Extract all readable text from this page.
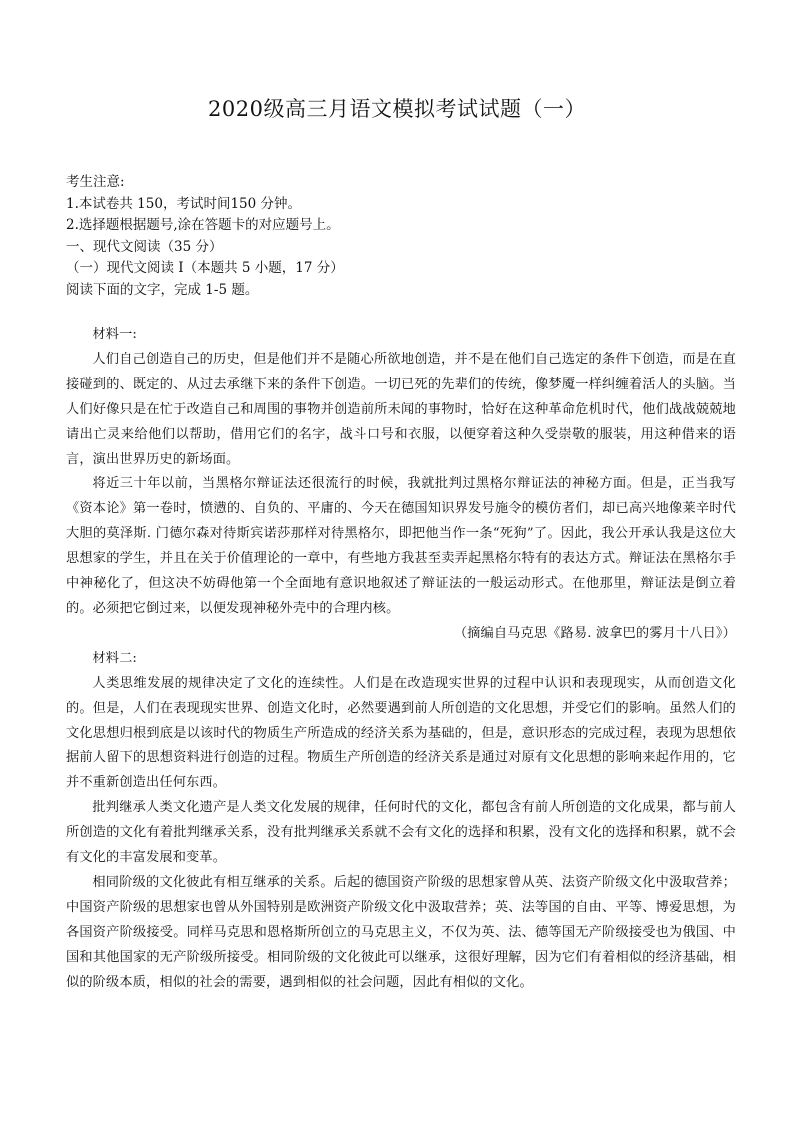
2020级高三月语文模拟考试试题（一）
考生注意:
1.本试卷共 150，考试时间150 分钟。
2.选择题根据题号,涂在答题卡的对应题号上。
一、现代文阅读（35 分）
（一）现代文阅读 I（本题共 5 小题，17 分）
阅读下面的文字，完成 1-5 题。

材料一:

人们自己创造自己的历史，但是他们并不是随心所欲地创造，并不是在他们自己选定的条件下创造，而是在直接碰到的、既定的、从过去承继下来的条件下创造。一切已死的先辈们的传统，像梦魇一样纠缠着活人的头脑。当人们好像只是在忙于改造自己和周围的事物并创造前所未闻的事物时，恰好在这种革命危机时代，他们战战兢兢地请出亡灵来给他们以帮助，借用它们的名字，战斗口号和衣服，以便穿着这种久受崇敬的服装，用这种借来的语言，演出世界历史的新场面。

将近三十年以前，当黑格尔辩证法还很流行的时候，我就批判过黑格尔辩证法的神秘方面。但是，正当我写《资本论》第一卷时，愤懑的、自负的、平庸的、今天在德国知识界发号施令的模仿者们，却已高兴地像莱辛时代大胆的莫泽斯. 门德尔森对待斯宾诺莎那样对待黑格尔，即把他当作一条“死狗”了。因此，我公开承认我是这位大思想家的学生，并且在关于价值理论的一章中，有些地方我甚至卖弄起黑格尔特有的表达方式。辩证法在黑格尔手中神秘化了，但这决不妨碍他第一个全面地有意识地叙述了辩证法的一般运动形式。在他那里，辩证法是倒立着的。必须把它倒过来，以便发现神秘外壳中的合理内核。

（摘编自马克思《路易. 波拿巴的雾月十八日》）

材料二:

人类思维发展的规律决定了文化的连续性。人们是在改造现实世界的过程中认识和表现现实，从而创造文化的。但是，人们在表现现实世界、创造文化时，必然要遇到前人所创造的文化思想，并受它们的影响。虽然人们的文化思想归根到底是以该时代的物质生产所造成的经济关系为基础的，但是，意识形态的完成过程，表现为思想依据前人留下的思想资料进行创造的过程。物质生产所创造的经济关系是通过对原有文化思想的影响来起作用的，它并不重新创造出任何东西。

批判继承人类文化遗产是人类文化发展的规律，任何时代的文化，都包含有前人所创造的文化成果，都与前人所创造的文化有着批判继承关系，没有批判继承关系就不会有文化的选择和积累，没有文化的选择和积累，就不会有文化的丰富发展和变革。

相同阶级的文化彼此有相互继承的关系。后起的德国资产阶级的思想家曾从英、法资产阶级文化中汲取营养；中国资产阶级的思想家也曾从外国特别是欧洲资产阶级文化中汲取营养；英、法等国的自由、平等、博爱思想，为各国资产阶级接受。同样马克思和恩格斯所创立的马克思主义，不仅为英、法、德等国无产阶级接受也为俄国、中国和其他国家的无产阶级所接受。相同阶级的文化彼此可以继承，这很好理解，因为它们有着相似的经济基础，相似的阶级本质，相似的社会的需要，遇到相似的社会问题，因此有相似的文化。
